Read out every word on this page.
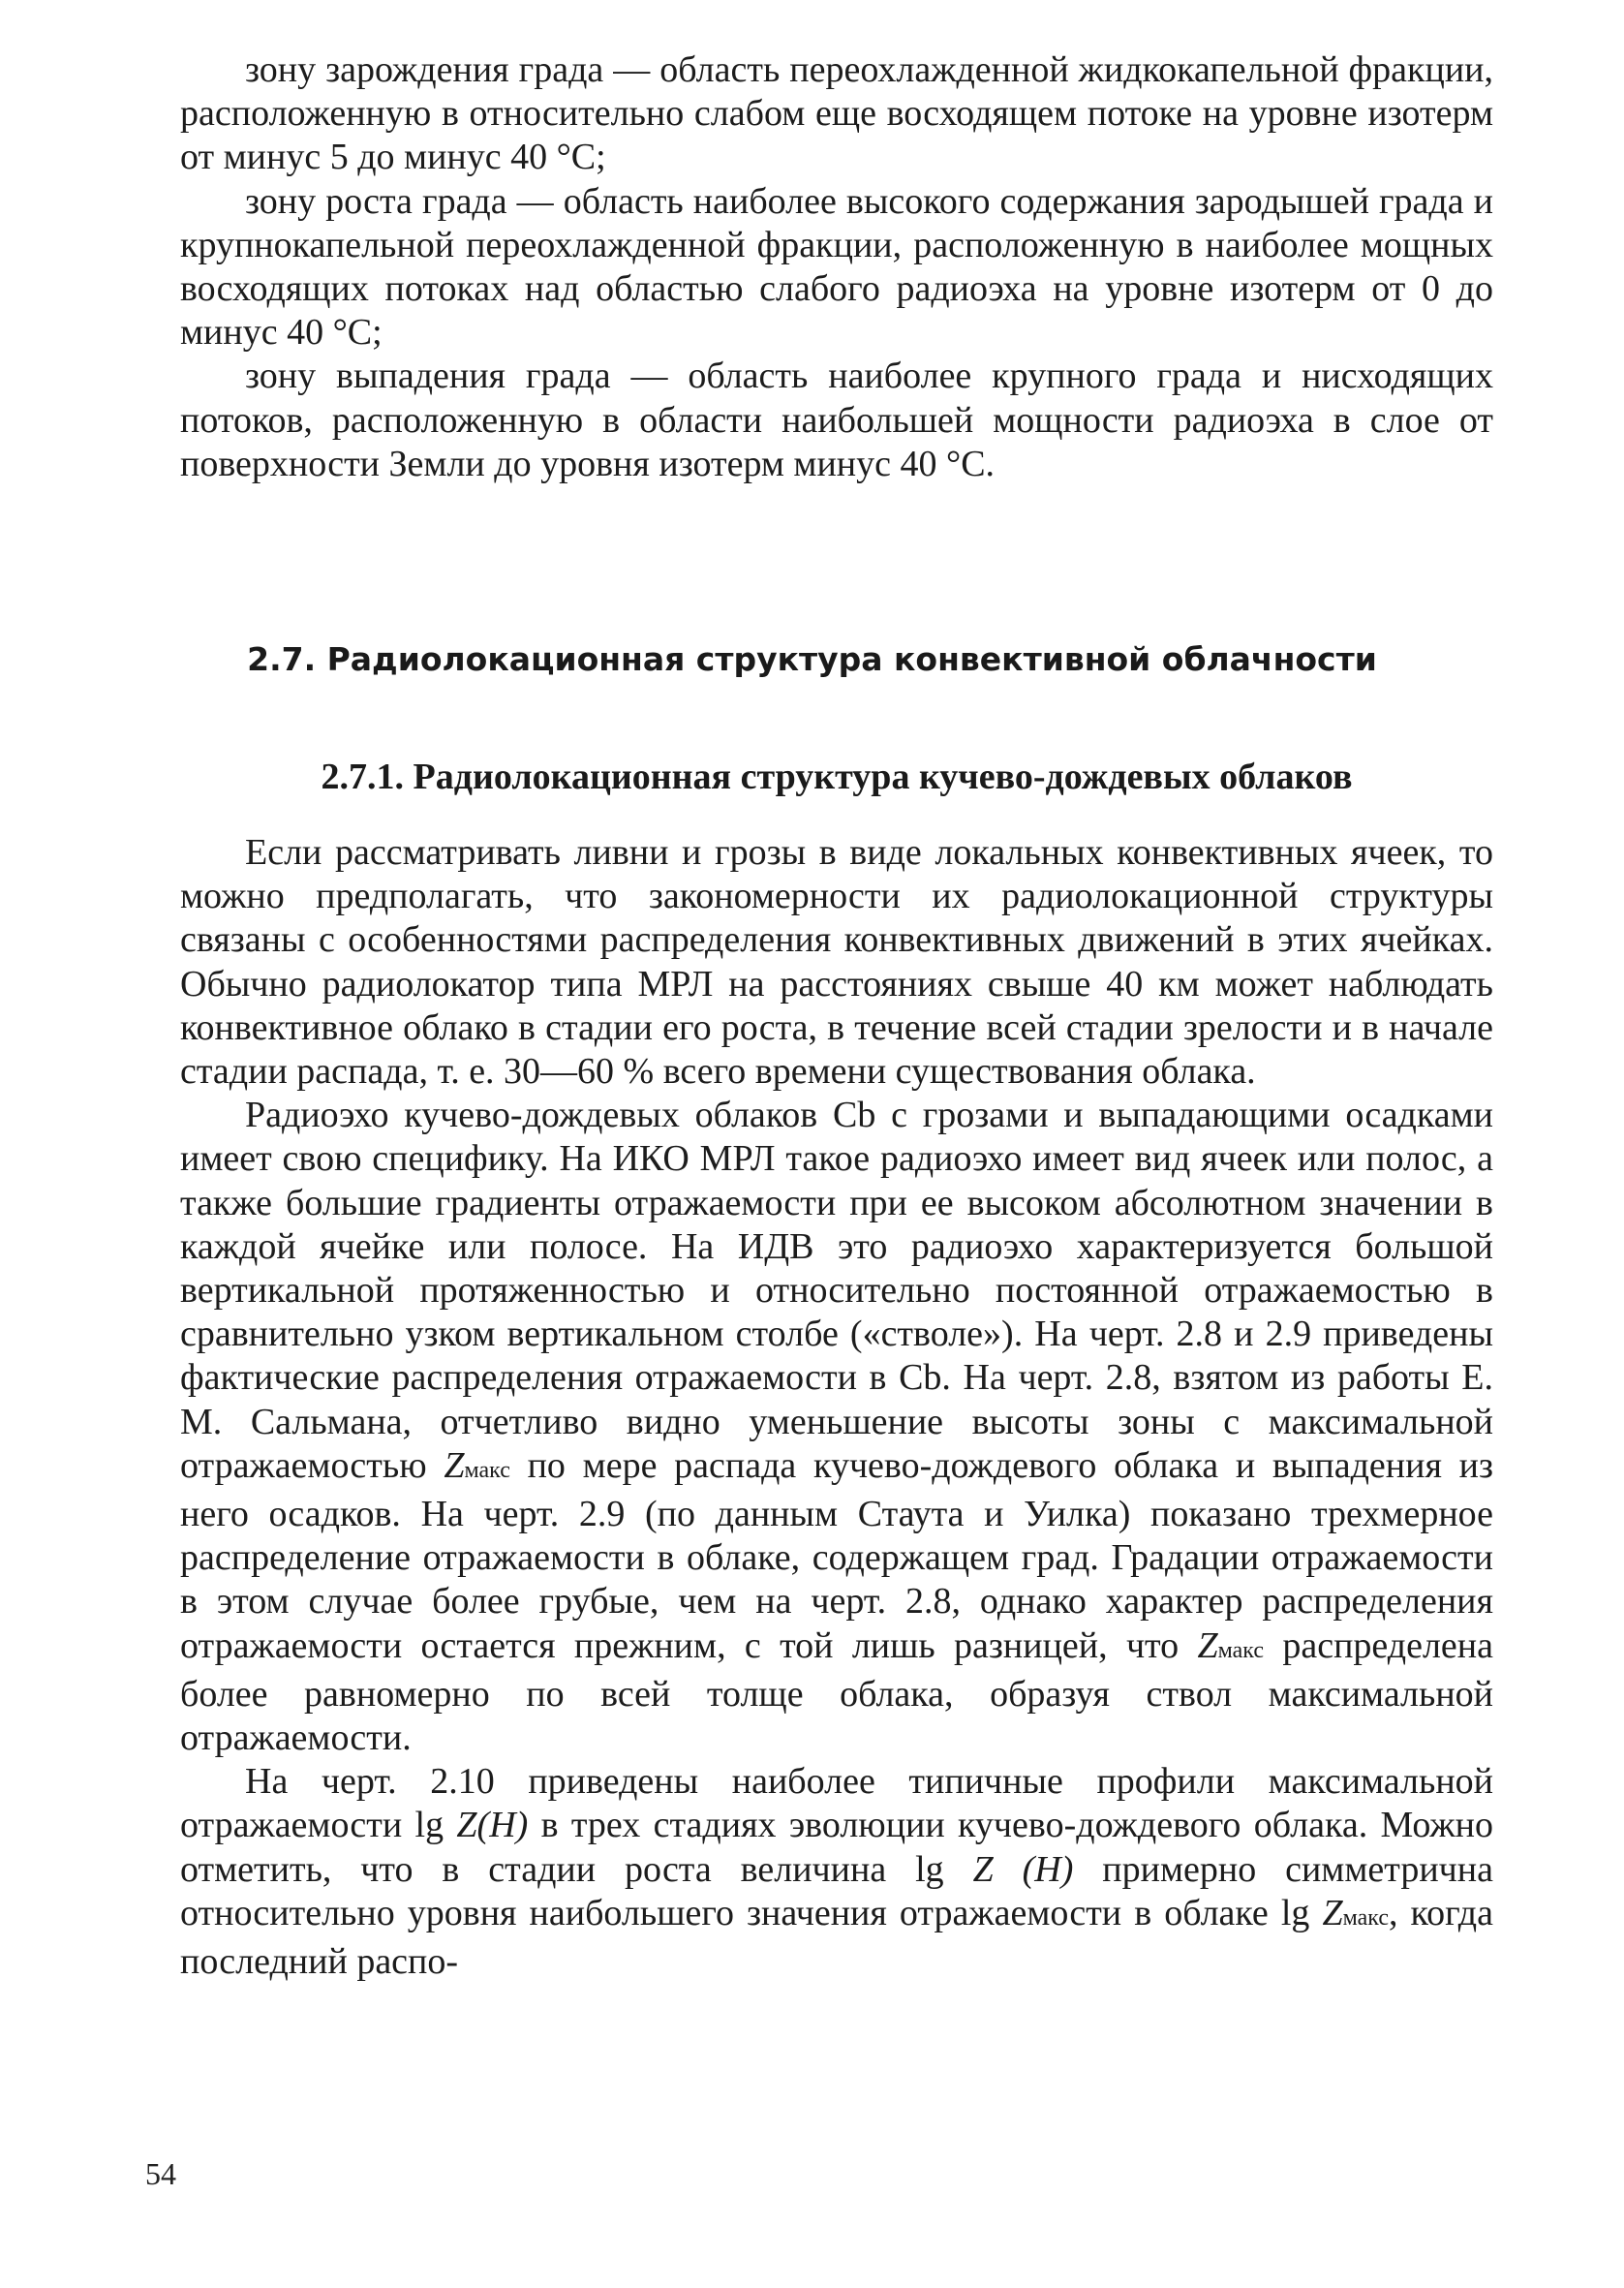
зону зарождения града — область переохлажденной жидкокапельной фракции, расположенную в относительно слабом еще восходящем потоке на уровне изотерм от минус 5 до минус 40 °C;

зону роста града — область наиболее высокого содержания зародышей града и крупнокапельной переохлажденной фракции, расположенную в наиболее мощных восходящих потоках над областью слабого радиоэха на уровне изотерм от 0 до минус 40 °C;

зону выпадения града — область наиболее крупного града и нисходящих потоков, расположенную в области наибольшей мощности радиоэха в слое от поверхности Земли до уровня изотерм минус 40 °C.

2.7. Радиолокационная структура конвективной облачности
2.7.1. Радиолокационная структура кучево-дождевых облаков

Если рассматривать ливни и грозы в виде локальных конвективных ячеек, то можно предполагать, что закономерности их радиолокационной структуры связаны с особенностями распределения конвективных движений в этих ячейках. Обычно радиолокатор типа МРЛ на расстояниях свыше 40 км может наблюдать конвективное облако в стадии его роста, в течение всей стадии зрелости и в начале стадии распада, т. е. 30—60 % всего времени существования облака.

Радиоэхо кучево-дождевых облаков Cb с грозами и выпадающими осадками имеет свою специфику. На ИКО МРЛ такое радиоэхо имеет вид ячеек или полос, а также большие градиенты отражаемости при ее высоком абсолютном значении в каждой ячейке или полосе. На ИДВ это радиоэхо характеризуется большой вертикальной протяженностью и относительно постоянной отражаемостью в сравнительно узком вертикальном столбе («стволе»). На черт. 2.8 и 2.9 приведены фактические распределения отражаемости в Cb. На черт. 2.8, взятом из работы Е. М. Сальмана, отчетливо видно уменьшение высоты зоны с максимальной отражаемостью Zмакс по мере распада кучево-дождевого облака и выпадения из него осадков. На черт. 2.9 (по данным Стаута и Уилка) показано трехмерное распределение отражаемости в облаке, содержащем град. Градации отражаемости в этом случае более грубые, чем на черт. 2.8, однако характер распределения отражаемости остается прежним, с той лишь разницей, что Zмакс распределена более равномерно по всей толще облака, образуя ствол максимальной отражаемости.

На черт. 2.10 приведены наиболее типичные профили максимальной отражаемости lg Z(H) в трех стадиях эволюции кучево-дождевого облака. Можно отметить, что в стадии роста величина lg Z (H) примерно симметрична относительно уровня наибольшего значения отражаемости в облаке lg Zмакс, когда последний распо-

54
